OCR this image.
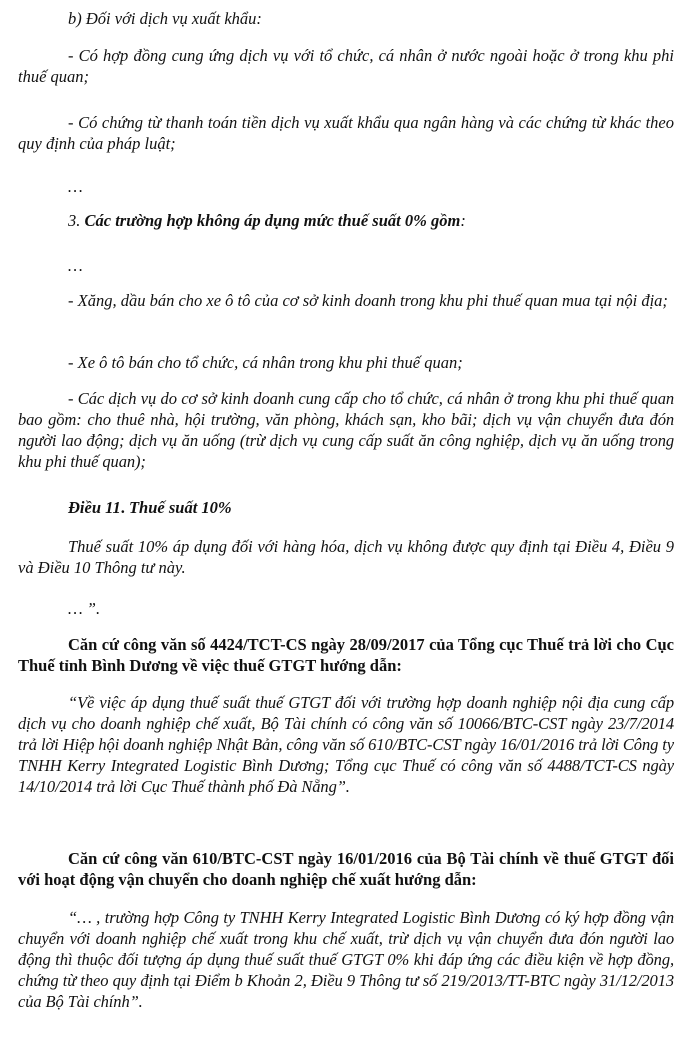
b) Đối với dịch vụ xuất khẩu:

- Có hợp đồng cung ứng dịch vụ với tổ chức, cá nhân ở nước ngoài hoặc ở trong khu phi thuế quan;

- Có chứng từ thanh toán tiền dịch vụ xuất khẩu qua ngân hàng và các chứng từ khác theo quy định của pháp luật;

…

3. Các trường hợp không áp dụng mức thuế suất 0% gồm:

…

- Xăng, dầu bán cho xe ô tô của cơ sở kinh doanh trong khu phi thuế quan mua tại nội địa;

- Xe ô tô bán cho tổ chức, cá nhân trong khu phi thuế quan;

- Các dịch vụ do cơ sở kinh doanh cung cấp cho tổ chức, cá nhân ở trong khu phi thuế quan bao gồm: cho thuê nhà, hội trường, văn phòng, khách sạn, kho bãi; dịch vụ vận chuyển đưa đón người lao động; dịch vụ ăn uống (trừ dịch vụ cung cấp suất ăn công nghiệp, dịch vụ ăn uống trong khu phi thuế quan);

Điều 11. Thuế suất 10%

Thuế suất 10% áp dụng đối với hàng hóa, dịch vụ không được quy định tại Điều 4, Điều 9 và Điều 10 Thông tư này.

… ”.

Căn cứ công văn số 4424/TCT-CS ngày 28/09/2017 của Tổng cục Thuế trả lời cho Cục Thuế tỉnh Bình Dương về việc thuế GTGT hướng dẫn:

“Về việc áp dụng thuế suất thuế GTGT đối với trường hợp doanh nghiệp nội địa cung cấp dịch vụ cho doanh nghiệp chế xuất, Bộ Tài chính có công văn số 10066/BTC-CST ngày 23/7/2014 trả lời Hiệp hội doanh nghiệp Nhật Bản, công văn số 610/BTC-CST ngày 16/01/2016 trả lời Công ty TNHH Kerry Integrated Logistic Bình Dương; Tổng cục Thuế có công văn số 4488/TCT-CS ngày 14/10/2014 trả lời Cục Thuế thành phố Đà Nẵng”.

Căn cứ công văn 610/BTC-CST ngày 16/01/2016 của Bộ Tài chính về thuế GTGT đối với hoạt động vận chuyển cho doanh nghiệp chế xuất hướng dẫn:

“… , trường hợp Công ty TNHH Kerry Integrated Logistic Bình Dương có ký hợp đồng vận chuyển với doanh nghiệp chế xuất trong khu chế xuất, trừ dịch vụ vận chuyển đưa đón người lao động thì thuộc đối tượng áp dụng thuế suất thuế GTGT 0% khi đáp ứng các điều kiện về hợp đồng, chứng từ theo quy định tại Điểm b Khoản 2, Điều 9 Thông tư số 219/2013/TT-BTC ngày 31/12/2013 của Bộ Tài chính”.
